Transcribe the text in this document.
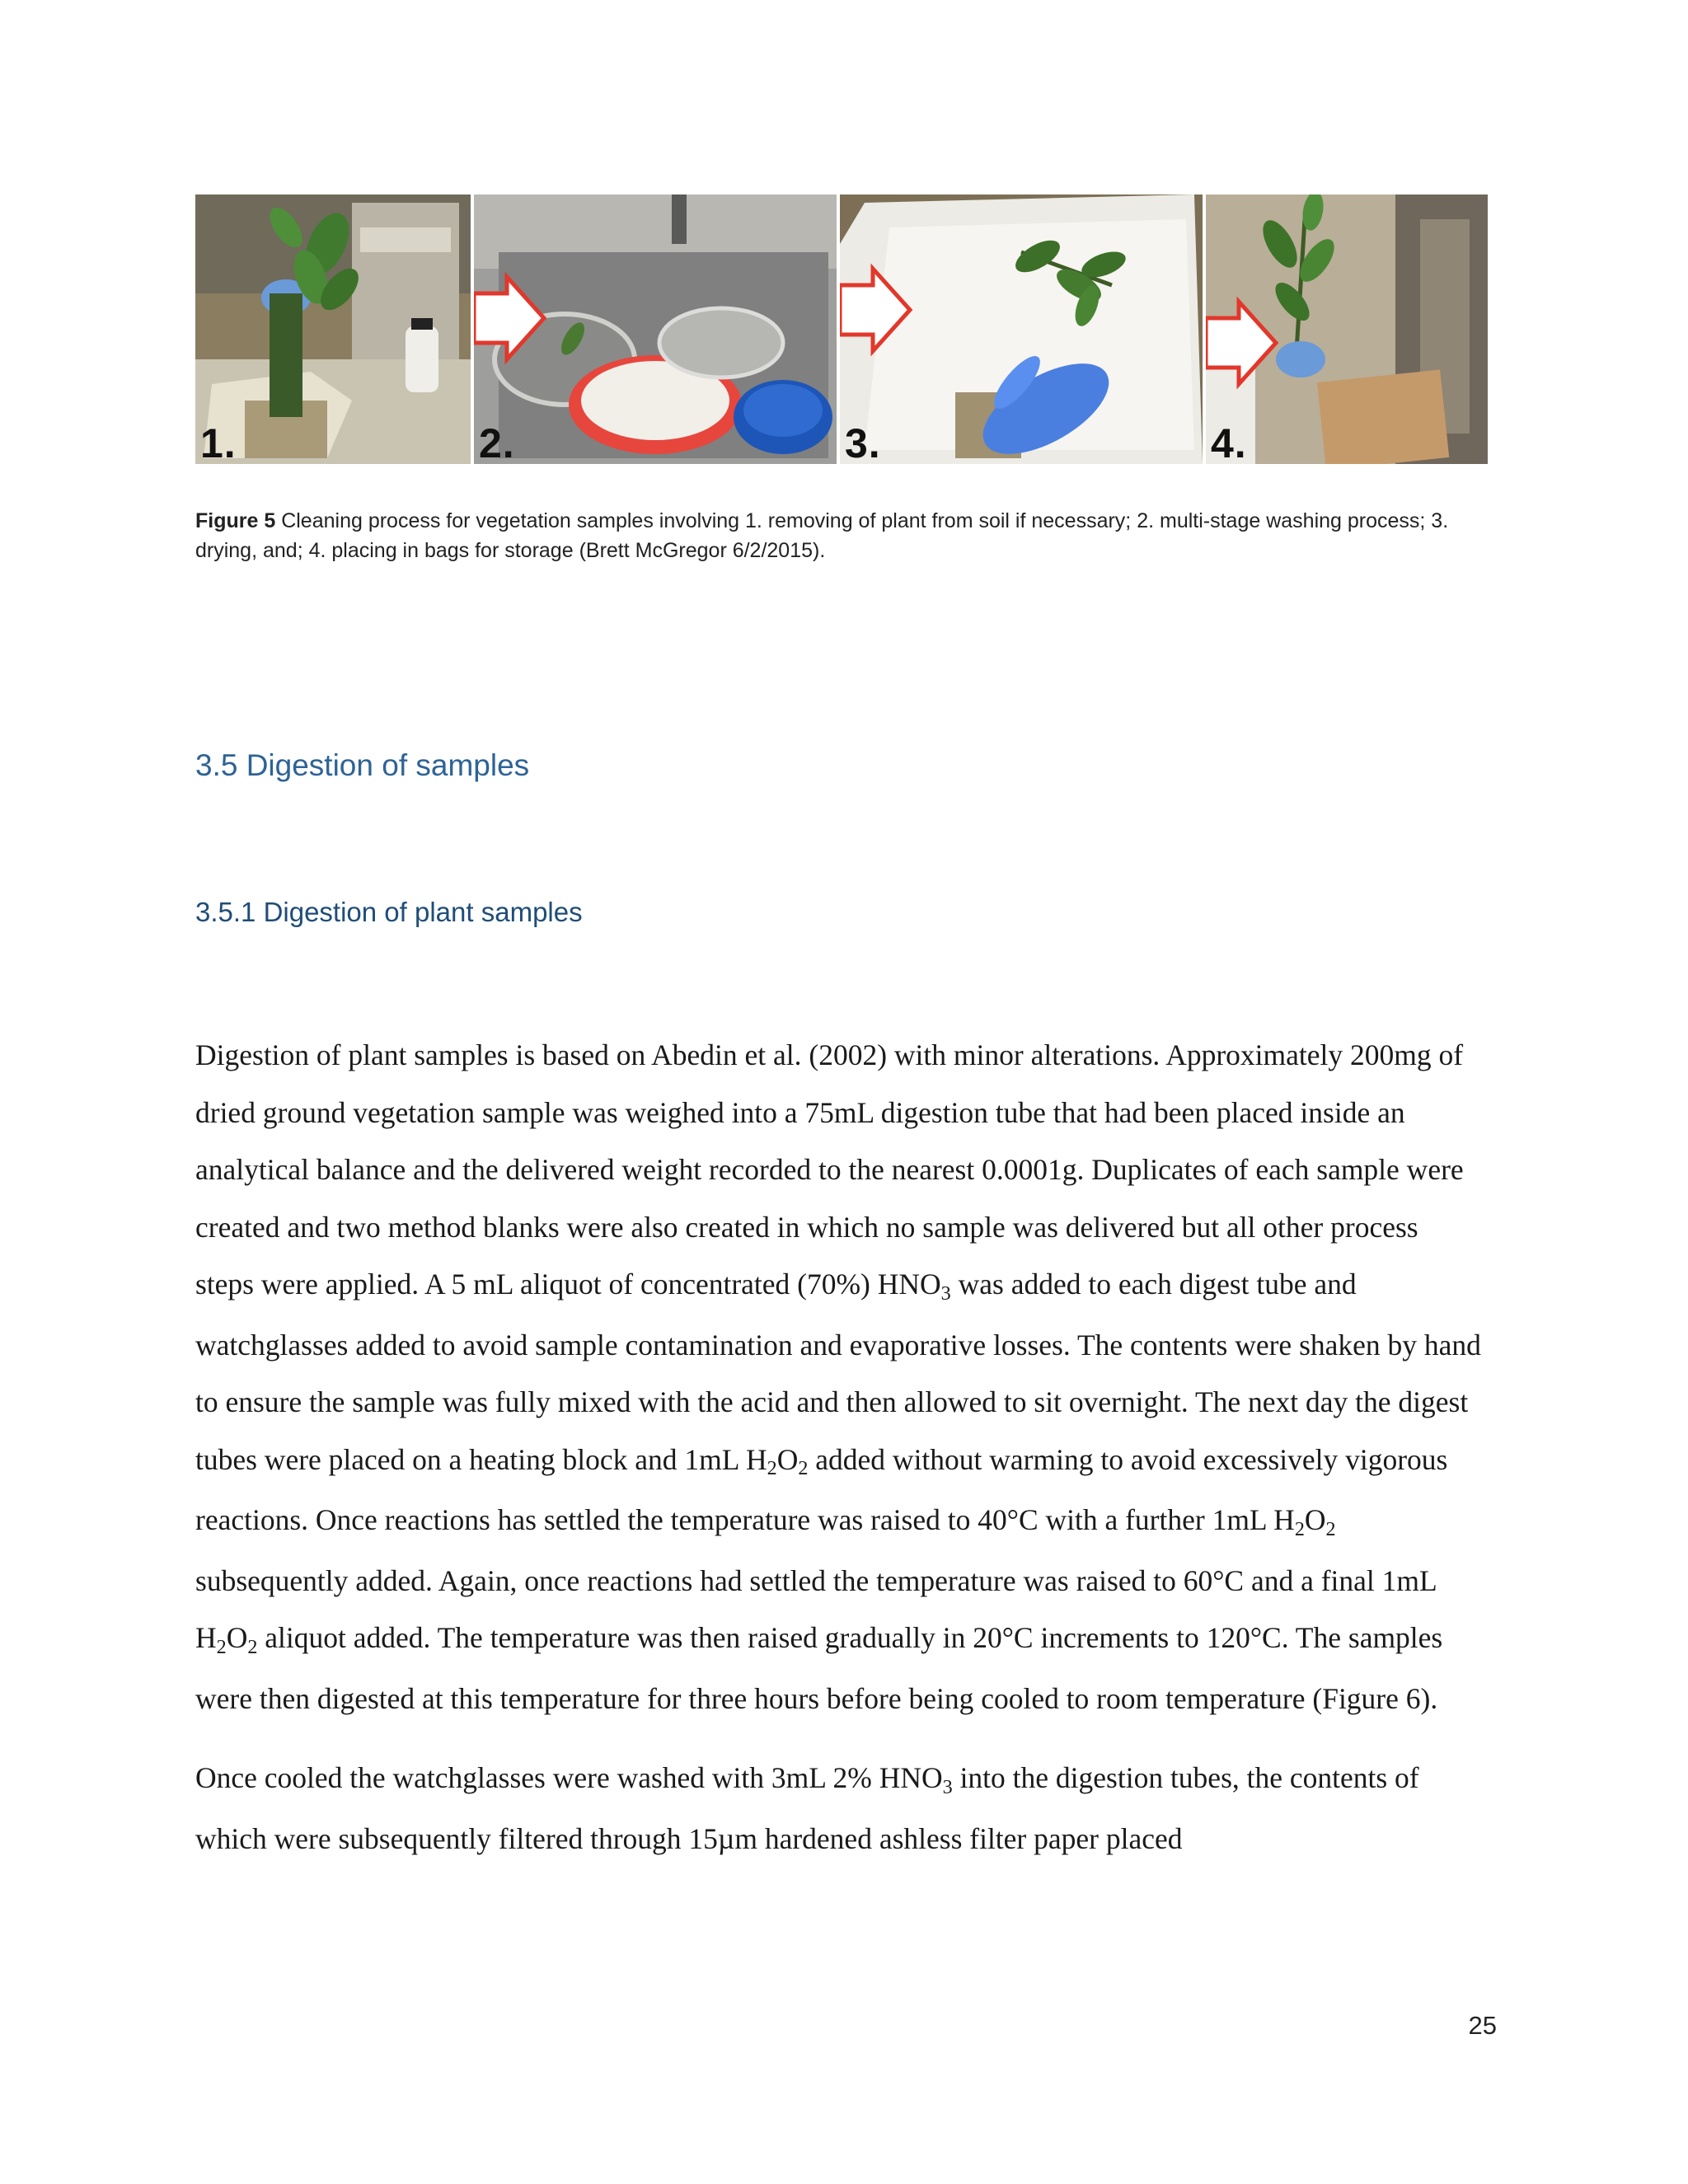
1.	2.	3.	4.
Figure 5 Cleaning process for vegetation samples involving 1. removing of plant from soil if necessary; 2. multi-stage washing process; 3. drying, and; 4. placing in bags for storage (Brett McGregor 6/2/2015).
3.5 Digestion of samples
3.5.1 Digestion of plant samples

Digestion of plant samples is based on Abedin et al. (2002) with minor alterations. Approximately 200mg of dried ground vegetation sample was weighed into a 75mL digestion tube that had been placed inside an analytical balance and the delivered weight recorded to the nearest 0.0001g. Duplicates of each sample were created and two method blanks were also created in which no sample was delivered but all other process steps were applied. A 5 mL aliquot of concentrated (70%) $HNO_3$ was added to each digest tube and watchglasses added to avoid sample contamination and evaporative losses. The contents were shaken by hand to ensure the sample was fully mixed with the acid and then allowed to sit overnight. The next day the digest tubes were placed on a heating block and 1mL $H_2O_2$ added without warming to avoid excessively vigorous reactions. Once reactions has settled the temperature was raised to 40°C with a further 1mL $H_2O_2$ subsequently added. Again, once reactions had settled the temperature was raised to 60°C and a final 1mL $H_2O_2$ aliquot added. The temperature was then raised gradually in 20°C increments to 120°C. The samples were then digested at this temperature for three hours before being cooled to room temperature (Figure 6).

Once cooled the watchglasses were washed with 3mL 2% $HNO_3$ into the digestion tubes, the contents of which were subsequently filtered through 15µm hardened ashless filter paper placed

25
